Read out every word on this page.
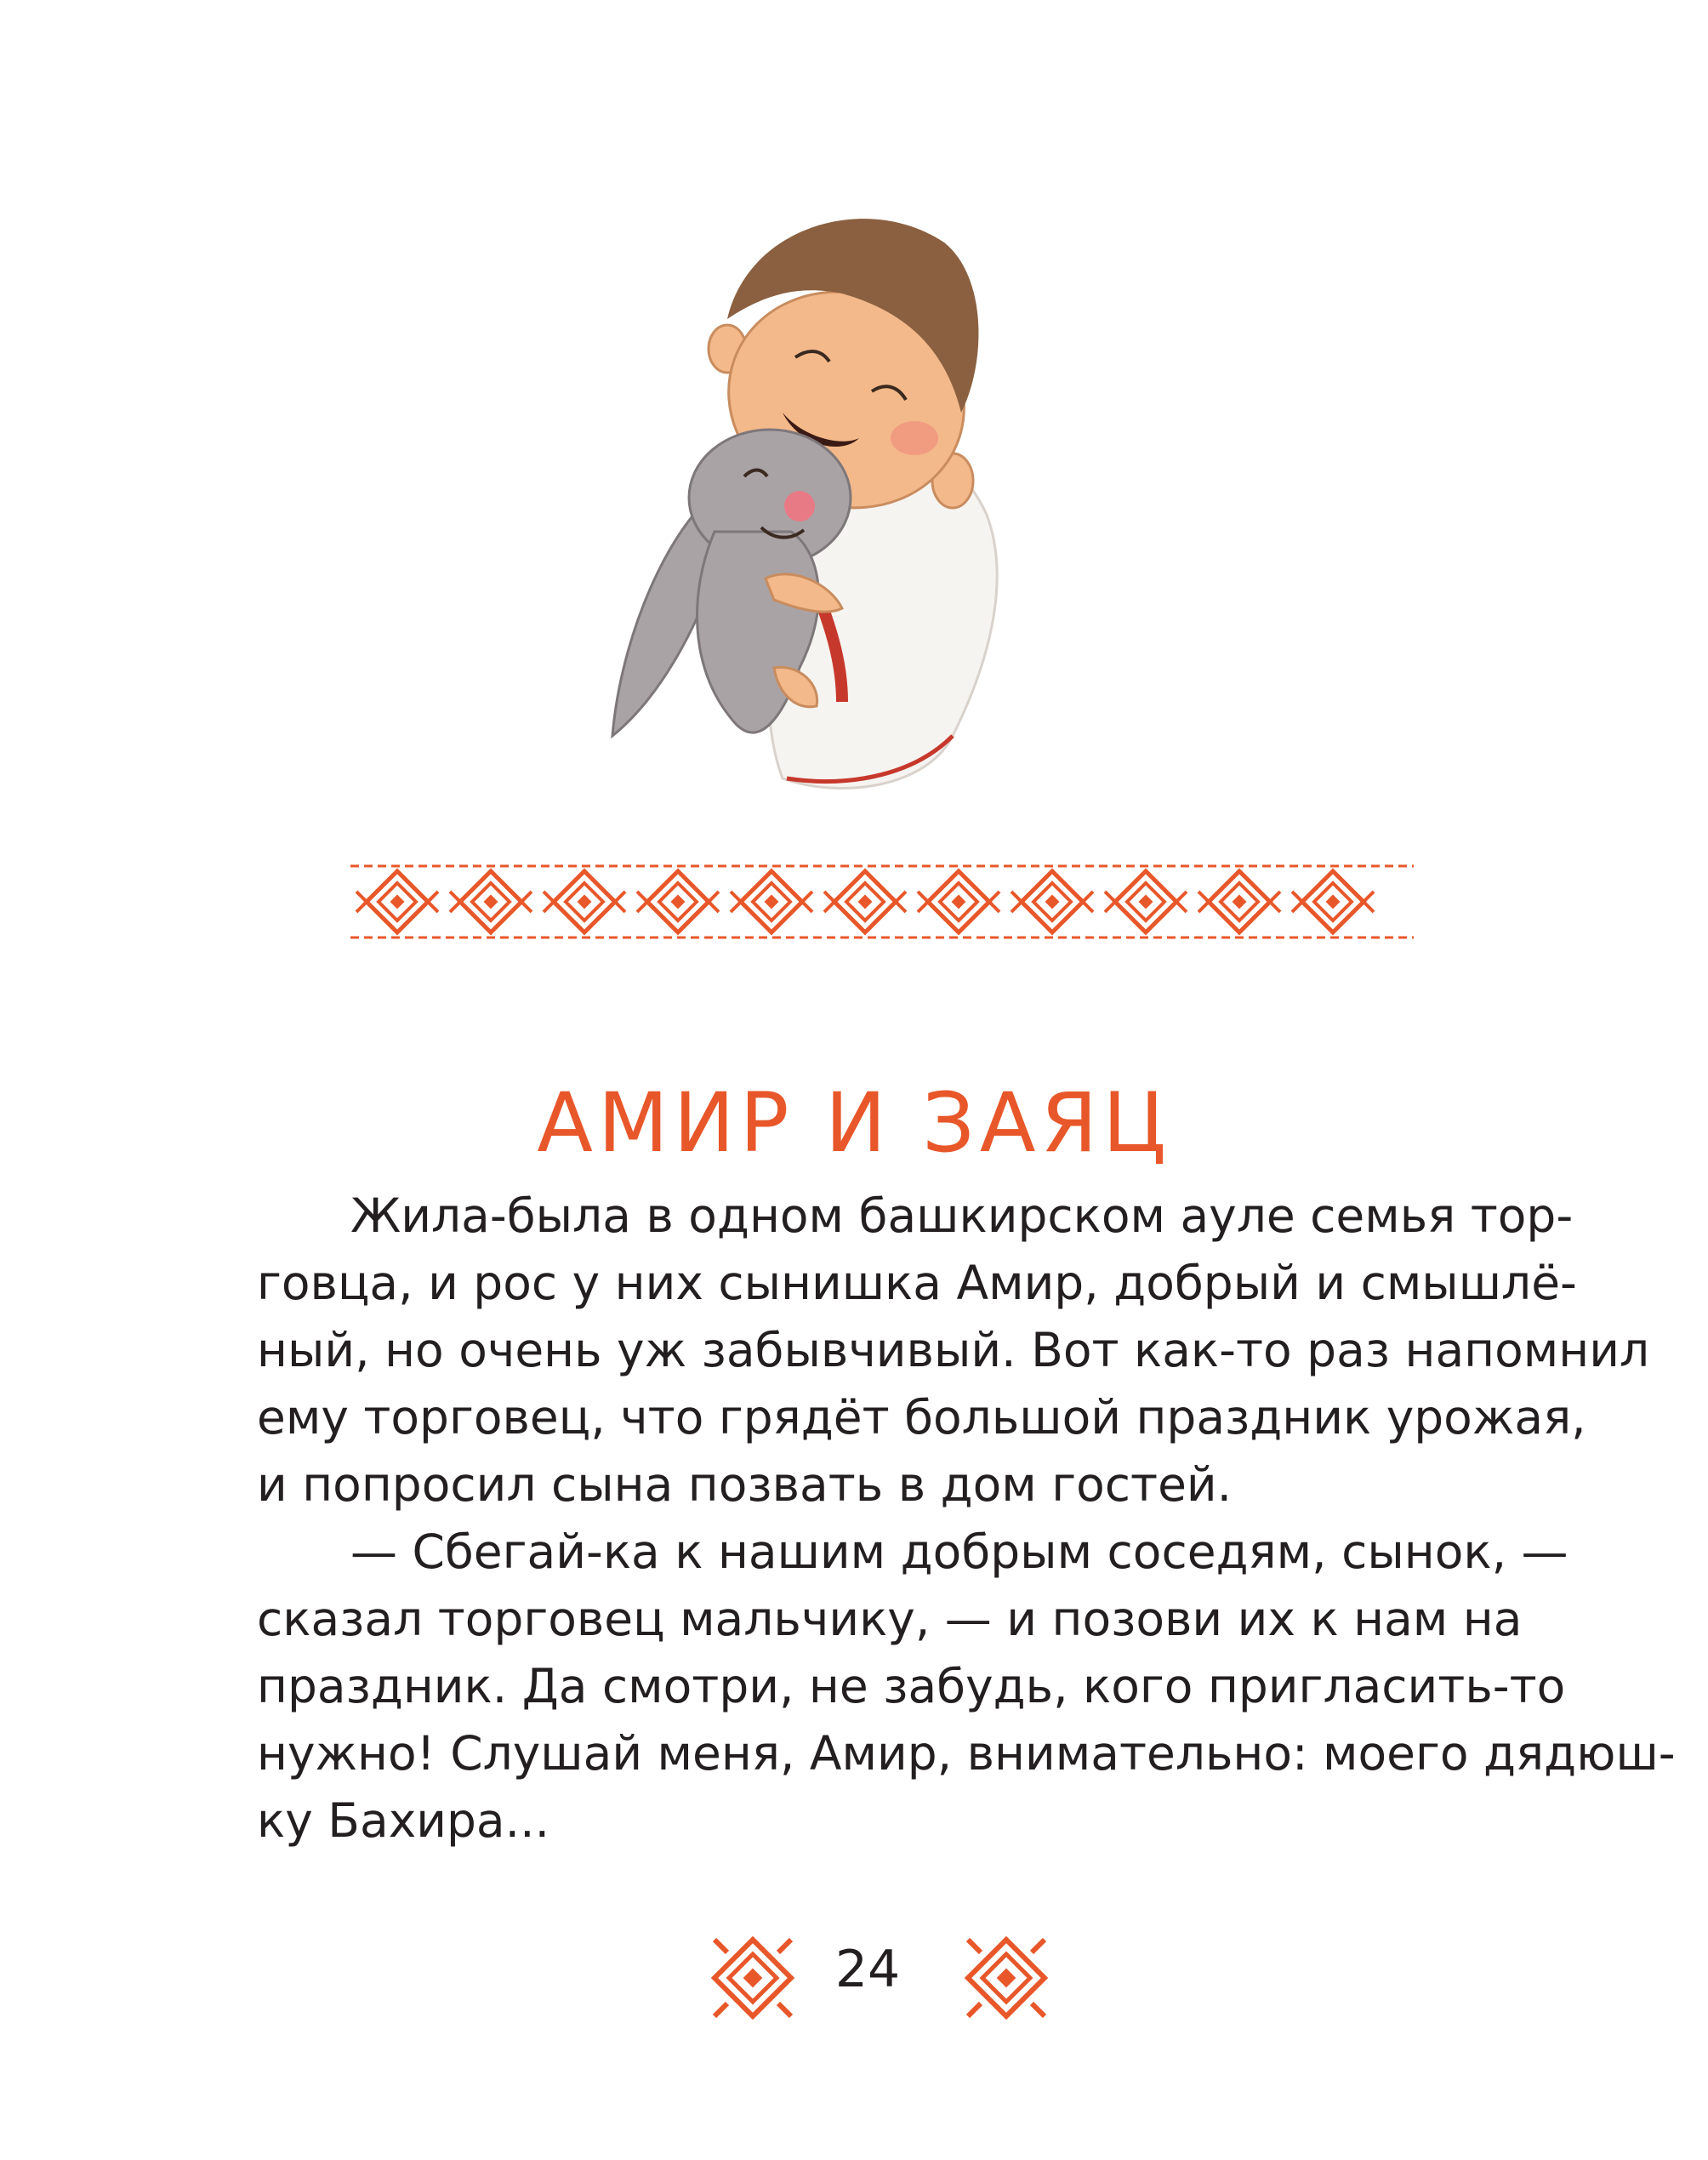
АМИР И ЗАЯЦ
Жила-была в одном башкирском ауле семья тор-
говца, и рос у них сынишка Амир, добрый и смышлё-
ный, но очень уж забывчивый. Вот как-то раз напомнил
ему торговец, что грядёт большой праздник урожая,
и попросил сына позвать в дом гостей.
— Сбегай-ка к нашим добрым соседям, сынок, —
сказал торговец мальчику, — и позови их к нам на
праздник. Да смотри, не забудь, кого пригласить-то
нужно! Слушай меня, Амир, внимательно: моего дядюш-
ку Бахира...
24
